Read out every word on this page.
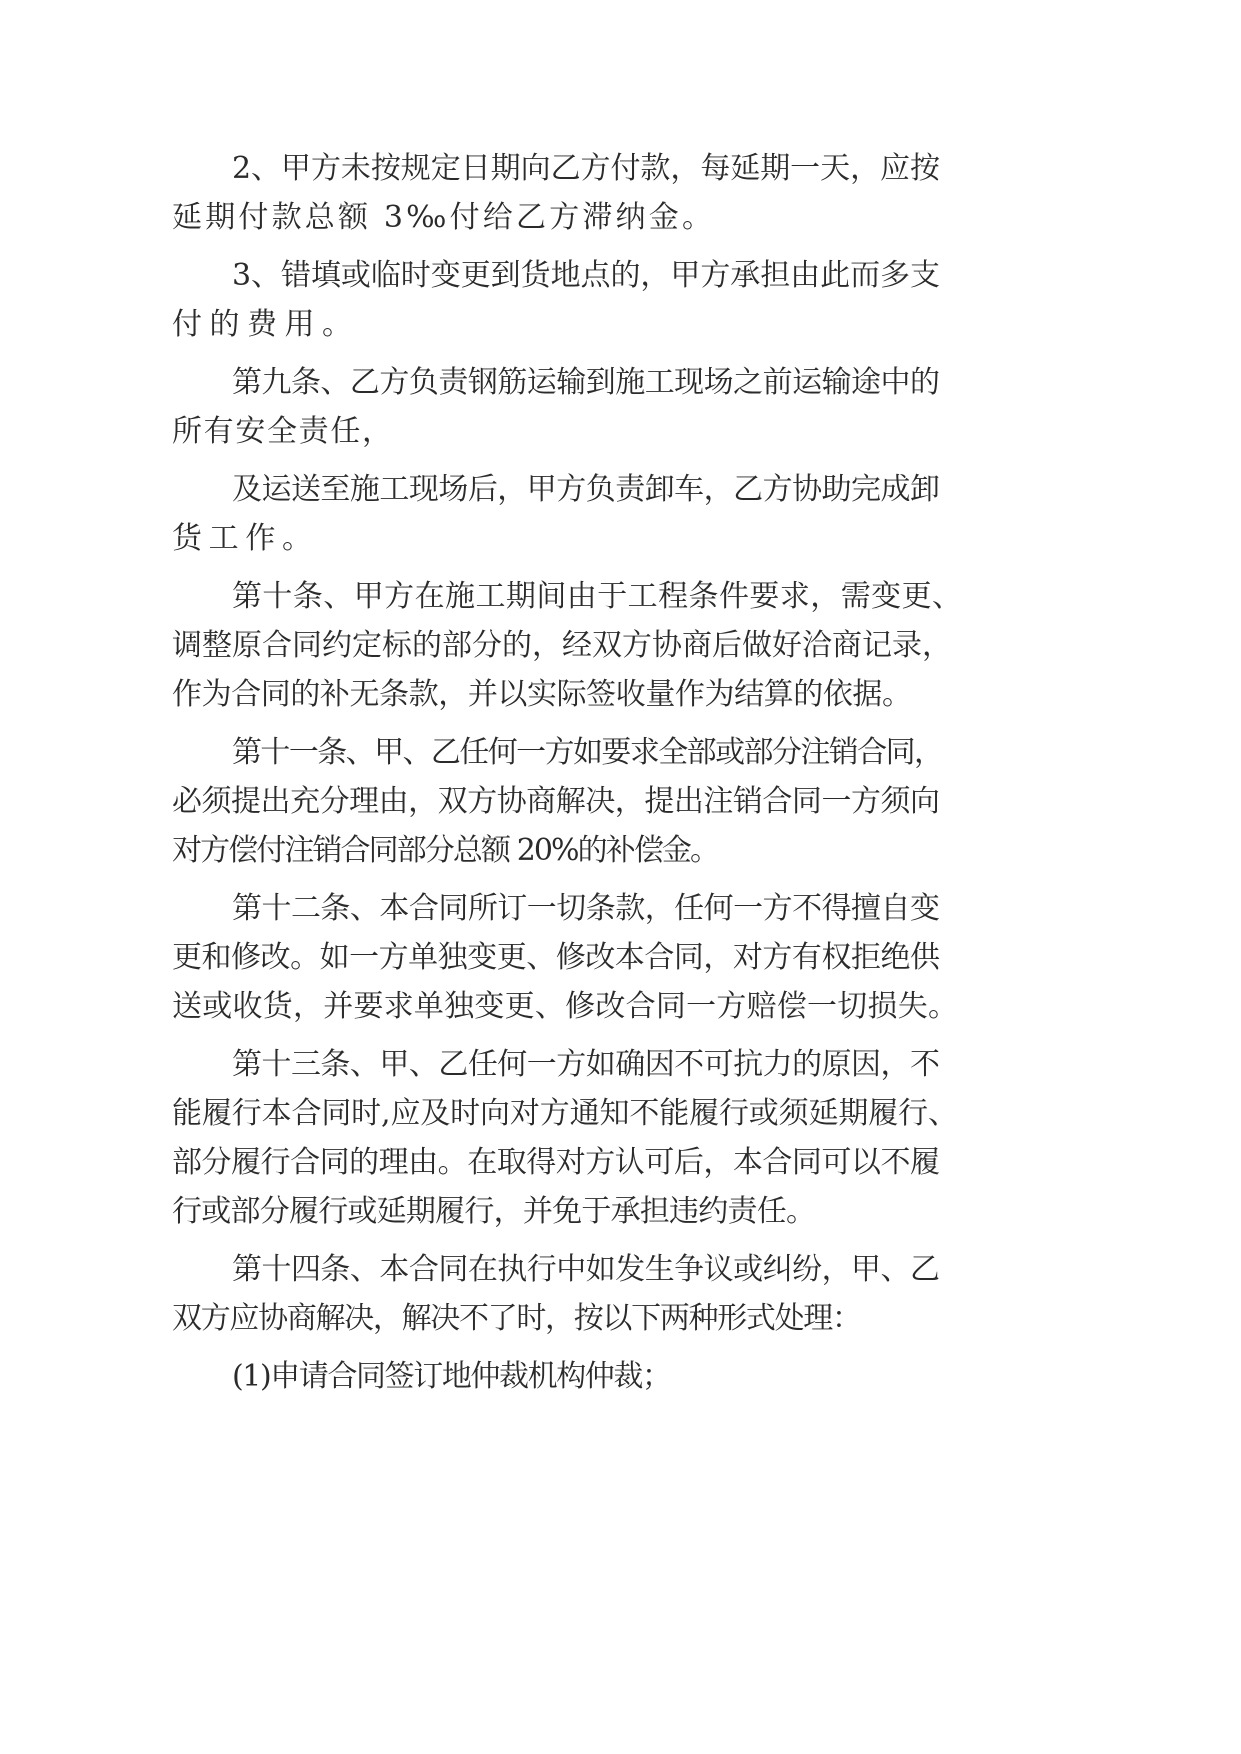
2、甲方未按规定日期向乙方付款，每延期一天，应按
延期付款总额 3‰付给乙方滞纳金。
3、错填或临时变更到货地点的，甲方承担由此而多支
付的费用。
第九条、乙方负责钢筋运输到施工现场之前运输途中的
所有安全责任，
及运送至施工现场后，甲方负责卸车，乙方协助完成卸
货工作。
第十条、甲方在施工期间由于工程条件要求，需变更、
调整原合同约定标的部分的，经双方协商后做好洽商记录，
作为合同的补无条款，并以实际签收量作为结算的依据。
第十一条、甲、乙任何一方如要求全部或部分注销合同，
必须提出充分理由，双方协商解决，提出注销合同一方须向
对方偿付注销合同部分总额 20%的补偿金。
第十二条、本合同所订一切条款，任何一方不得擅自变
更和修改。如一方单独变更、修改本合同，对方有权拒绝供
送或收货，并要求单独变更、修改合同一方赔偿一切损失。
第十三条、甲、乙任何一方如确因不可抗力的原因，不
能履行本合同时,应及时向对方通知不能履行或须延期履行、
部分履行合同的理由。在取得对方认可后，本合同可以不履
行或部分履行或延期履行，并免于承担违约责任。
第十四条、本合同在执行中如发生争议或纠纷，甲、乙
双方应协商解决，解决不了时，按以下两种形式处理：
(1)申请合同签订地仲裁机构仲裁；
